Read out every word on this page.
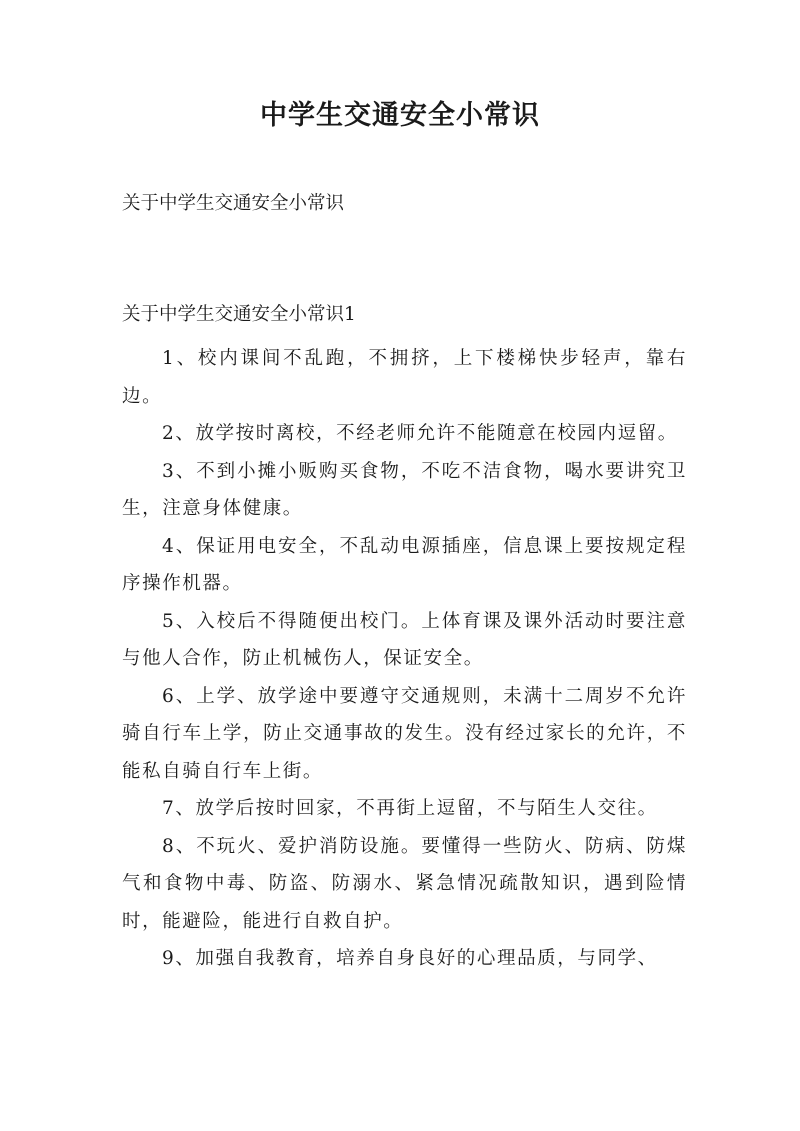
中学生交通安全小常识

关于中学生交通安全小常识

关于中学生交通安全小常识1

1、校内课间不乱跑，不拥挤，上下楼梯快步轻声，靠右边。

2、放学按时离校，不经老师允许不能随意在校园内逗留。

3、不到小摊小贩购买食物，不吃不洁食物，喝水要讲究卫生，注意身体健康。

4、保证用电安全，不乱动电源插座，信息课上要按规定程序操作机器。

5、入校后不得随便出校门。上体育课及课外活动时要注意与他人合作，防止机械伤人，保证安全。

6、上学、放学途中要遵守交通规则，未满十二周岁不允许骑自行车上学，防止交通事故的发生。没有经过家长的允许，不能私自骑自行车上街。

7、放学后按时回家，不再街上逗留，不与陌生人交往。

8、不玩火、爱护消防设施。要懂得一些防火、防病、防煤气和食物中毒、防盗、防溺水、紧急情况疏散知识，遇到险情时，能避险，能进行自救自护。

9、加强自我教育，培养自身良好的心理品质，与同学、
